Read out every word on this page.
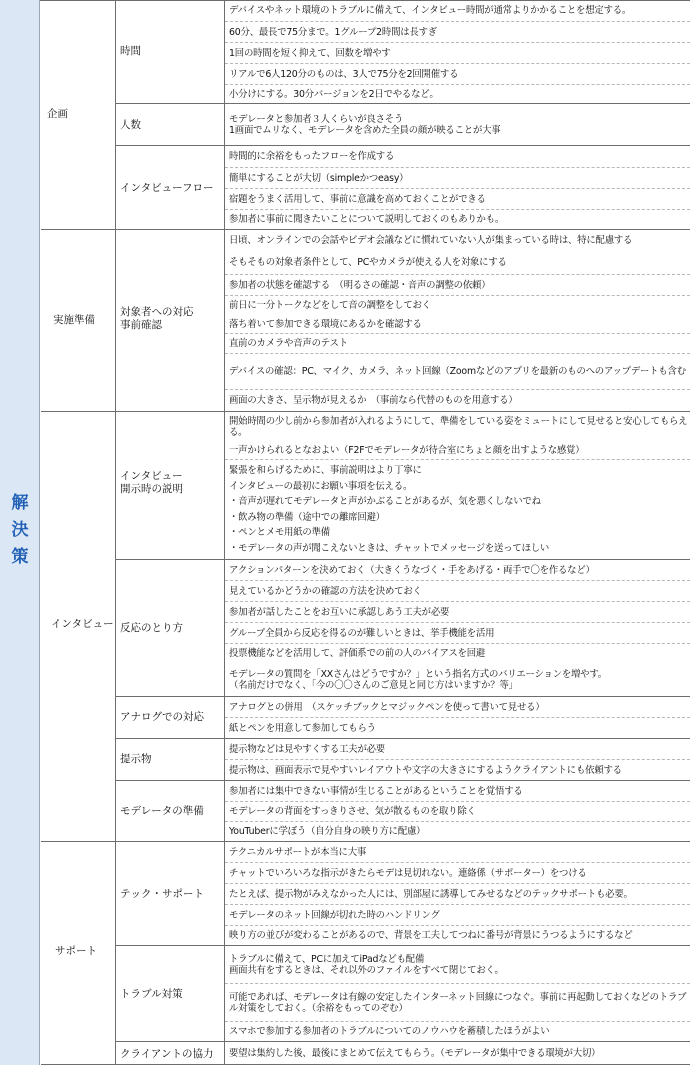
解
決
策
企画
実施準備
インタビュー
サポート
時間
人数
インタビューフロー
対象者への対応
事前確認
インタビュー
開示時の説明
反応のとり方
アナログでの対応
提示物
モデレータの準備
テック・サポート
トラブル対策
クライアントの協力
デバイスやネット環境のトラブルに備えて、インタビュー時間が通常よりかかることを想定する。
60分、最長で75分まで。1グループ2時間は長すぎ
1回の時間を短く抑えて、回数を増やす
リアルで6人120分のものは、3人で75分を2回開催する
小分けにする。30分バージョンを2日でやるなど。
モデレータと参加者３人くらいが良さそう
1画面でムリなく、モデレータを含めた全員の顔が映ることが大事
時間的に余裕をもったフローを作成する
簡単にすることが大切（simpleかつeasy）
宿題をうまく活用して、事前に意識を高めておくことができる
参加者に事前に聞きたいことについて説明しておくのもありかも。
日頃、オンラインでの会話やビデオ会議などに慣れていない人が集まっている時は、特に配慮する
そもそもの対象者条件として、PCやカメラが使える人を対象にする
参加者の状態を確認する　（明るさの確認・音声の調整の依頼）
前日に一分トークなどをして音の調整をしておく
落ち着いて参加できる環境にあるかを確認する
直前のカメラや音声のテスト
デバイスの確認：PC、マイク、カメラ、ネット回線（Zoomなどのアプリを最新のものへのアップデートも含む
画面の大きさ、呈示物が見えるか　（事前なら代替のものを用意する）
開始時間の少し前から参加者が入れるようにして、準備をしている姿をミュートにして見せると安心してもらえる。
一声かけられるとなおよい（F2Fでモデレータが待合室にちょと顔を出すような感覚）
緊張を和らげるために、事前説明はより丁寧に
インタビューの最初にお願い事項を伝える。
・音声が遅れてモデレータと声がかぶることがあるが、気を悪くしないでね
・飲み物の準備（途中での離席回避）
・ペンとメモ用紙の準備
・モデレータの声が聞こえないときは、チャットでメッセージを送ってほしい
アクションパターンを決めておく（大きくうなづく・手をあげる・両手で〇を作るなど）
見えているかどうかの確認の方法を決めておく
参加者が話したことをお互いに承認しあう工夫が必要
グループ全員から反応を得るのが難しいときは、挙手機能を活用
投票機能などを活用して、評価系での前の人のバイアスを回避
モデレータの質問を「XXさんはどうですか？」という指名方式のバリエーションを増やす。
（名前だけでなく、「今の〇〇さんのご意見と同じ方はいますか？等」
アナログとの併用　（スケッチブックとマジックペンを使って書いて見せる）
紙とペンを用意して参加してもらう
提示物などは見やすくする工夫が必要
提示物は、画面表示で見やすいレイアウトや文字の大きさにするようクライアントにも依頼する
参加者には集中できない事情が生じることがあるということを覚悟する
モデレータの背面をすっきりさせ、気が散るものを取り除く
YouTuberに学ぼう（自分自身の映り方に配慮）
テクニカルサポートが本当に大事
チャットでいろいろな指示がきたらモデは見切れない。連絡係（サポーター）をつける
たとえば、提示物がみえなかった人には、別部屋に誘導してみせるなどのテックサポートも必要。
モデレータのネット回線が切れた時のハンドリング
映り方の並びが変わることがあるので、背景を工夫してつねに番号が背景にうつるようにするなど
トラブルに備えて、PCに加えてiPadなども配備
画面共有をするときは、それ以外のファイルをすべて閉じておく。
可能であれば、モデレータは有線の安定したインターネット回線につなぐ。事前に再起動しておくなどのトラブル対策をしておく。（余裕をもってのぞむ）
スマホで参加する参加者のトラブルについてのノウハウを蓄積したほうがよい
要望は集約した後、最後にまとめて伝えてもらう。（モデレータが集中できる環境が大切）
